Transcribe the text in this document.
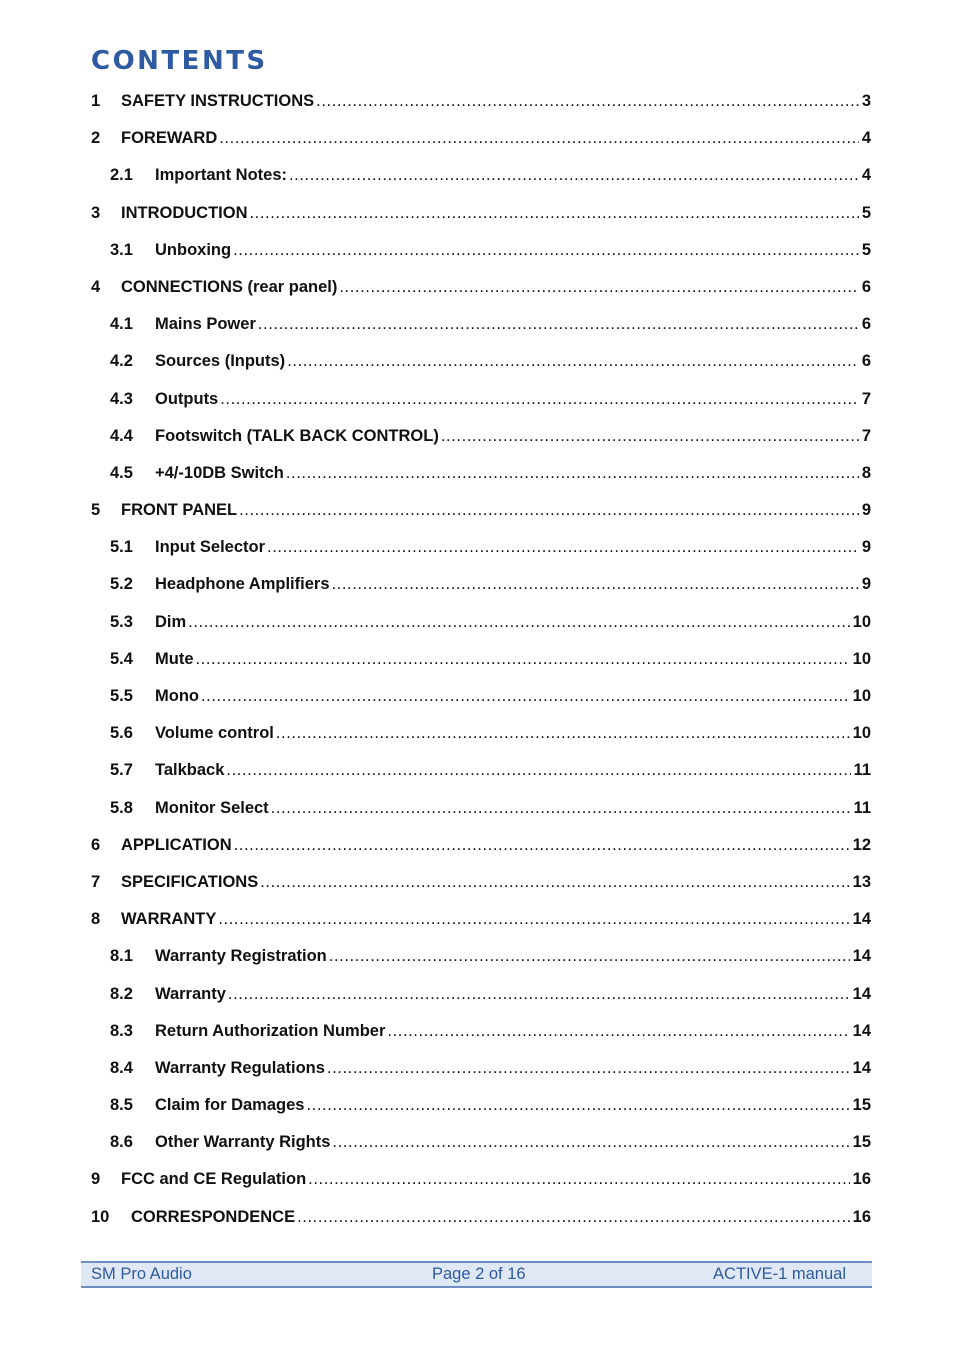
CONTENTS
1	SAFETY INSTRUCTIONS .....	3
2	FOREWARD .....	4
2.1	Important Notes: .....	4
3	INTRODUCTION .....	5
3.1	Unboxing .....	5
4	CONNECTIONS (rear panel) .....	6
4.1	Mains Power .....	6
4.2	Sources (Inputs) .....	6
4.3	Outputs .....	7
4.4	Footswitch (TALK BACK CONTROL) .....	7
4.5	+4/-10DB Switch .....	8
5	FRONT PANEL .....	9
5.1	Input Selector .....	9
5.2	Headphone Amplifiers .....	9
5.3	Dim .....	10
5.4	Mute .....	10
5.5	Mono .....	10
5.6	Volume control .....	10
5.7	Talkback .....	11
5.8	Monitor Select .....	11
6	APPLICATION .....	12
7	SPECIFICATIONS .....	13
8	WARRANTY .....	14
8.1	Warranty Registration .....	14
8.2	Warranty .....	14
8.3	Return Authorization Number .....	14
8.4	Warranty Regulations .....	14
8.5	Claim for Damages .....	15
8.6	Other Warranty Rights .....	15
9	FCC and CE Regulation .....	16
10	CORRESPONDENCE .....	16
SM Pro Audio	Page 2 of 16	ACTIVE-1 manual
